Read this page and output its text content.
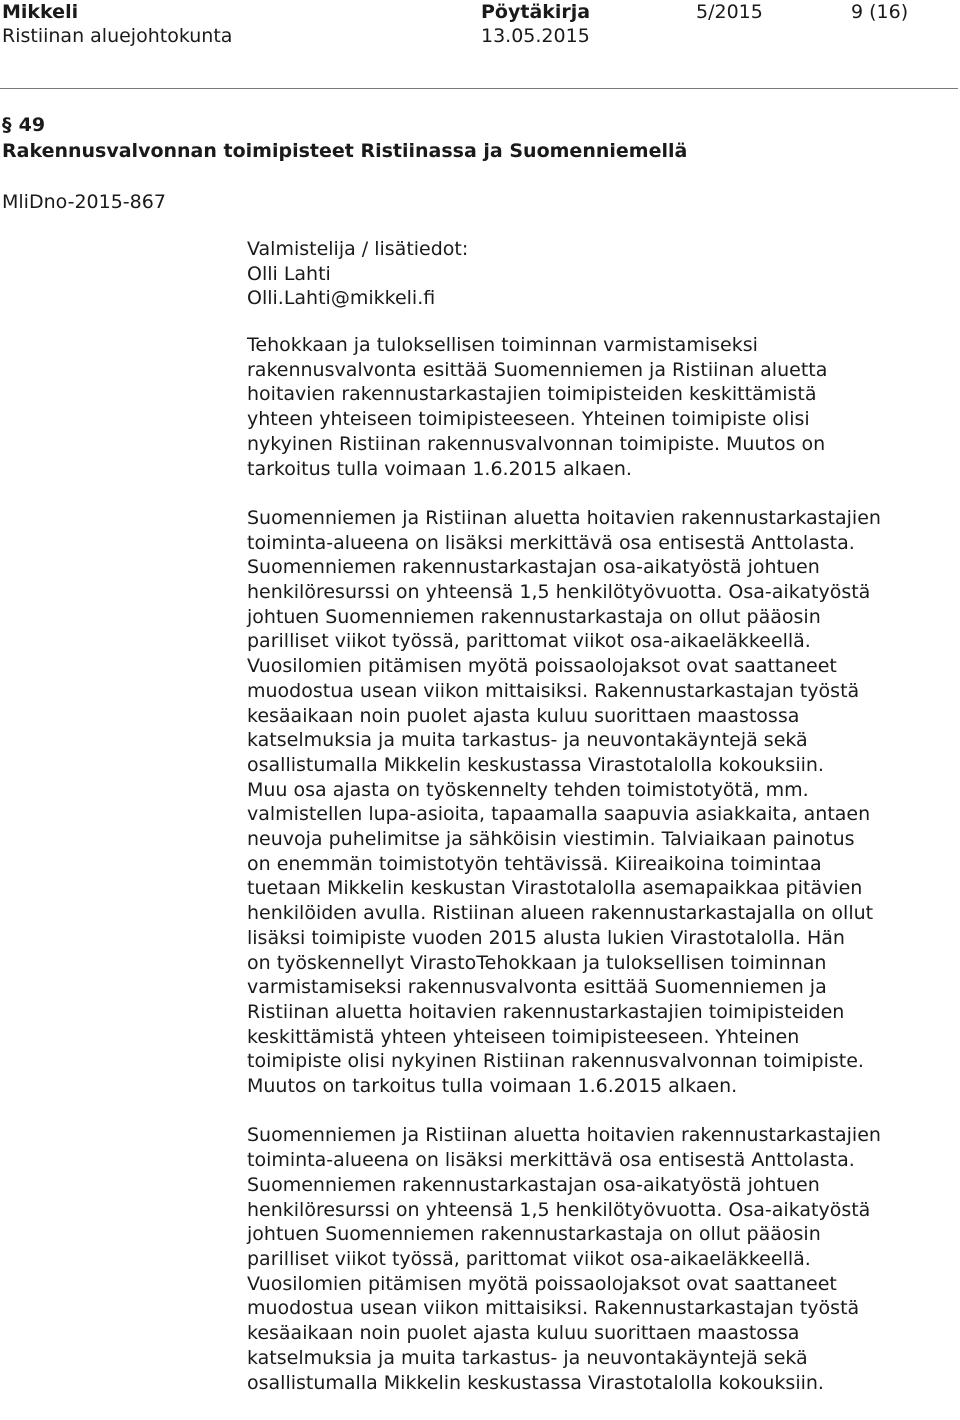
Mikkeli
Ristiinan aluejohtokunta
Pöytäkirja
13.05.2015
5/2015	9 (16)
§ 49
Rakennusvalvonnan toimipisteet Ristiinassa ja Suomenniemellä
MliDno-2015-867
Valmistelija / lisätiedot:
Olli Lahti
Olli.Lahti@mikkeli.fi

Tehokkaan ja tuloksellisen toiminnan varmistamiseksi
rakennusvalvonta esittää Suomenniemen ja Ristiinan aluetta
hoitavien rakennustarkastajien toimipisteiden keskittämistä
yhteen yhteiseen toimipisteeseen. Yhteinen toimipiste olisi
nykyinen Ristiinan rakennusvalvonnan toimipiste. Muutos on
tarkoitus tulla voimaan 1.6.2015 alkaen.

Suomenniemen ja Ristiinan aluetta hoitavien rakennustarkastajien
toiminta-alueena on lisäksi merkittävä osa entisestä Anttolasta.
Suomenniemen rakennustarkastajan osa-aikatyöstä johtuen
henkilöresurssi on yhteensä 1,5 henkilötyövuotta. Osa-aikatyöstä
johtuen Suomenniemen rakennustarkastaja on ollut pääosin
parilliset viikot työssä, parittomat viikot osa-aikaeläkkeellä.
Vuosilomien pitämisen myötä poissaolojaksot ovat saattaneet
muodostua usean viikon mittaisiksi. Rakennustarkastajan työstä
kesäaikaan noin puolet ajasta kuluu suorittaen maastossa
katselmuksia ja muita tarkastus- ja neuvontakäyntejä sekä
osallistumalla Mikkelin keskustassa Virastotalolla kokouksiin.
Muu osa ajasta on työskennelty tehden toimistotyötä, mm.
valmistellen lupa-asioita, tapaamalla saapuvia asiakkaita, antaen
neuvoja puhelimitse ja sähköisin viestimin. Talviaikaan painotus
on enemmän toimistotyön tehtävissä. Kiireaikoina toimintaa
tuetaan Mikkelin keskustan Virastotalolla asemapaikkaa pitävien
henkilöiden avulla. Ristiinan alueen rakennustarkastajalla on ollut
lisäksi toimipiste vuoden 2015 alusta lukien Virastotalolla. Hän
on työskennellyt VirastoTehokkaan ja tuloksellisen toiminnan
varmistamiseksi rakennusvalvonta esittää Suomenniemen ja
Ristiinan aluetta hoitavien rakennustarkastajien toimipisteiden
keskittämistä yhteen yhteiseen toimipisteeseen. Yhteinen
toimipiste olisi nykyinen Ristiinan rakennusvalvonnan toimipiste.
Muutos on tarkoitus tulla voimaan 1.6.2015 alkaen.

Suomenniemen ja Ristiinan aluetta hoitavien rakennustarkastajien
toiminta-alueena on lisäksi merkittävä osa entisestä Anttolasta.
Suomenniemen rakennustarkastajan osa-aikatyöstä johtuen
henkilöresurssi on yhteensä 1,5 henkilötyövuotta. Osa-aikatyöstä
johtuen Suomenniemen rakennustarkastaja on ollut pääosin
parilliset viikot työssä, parittomat viikot osa-aikaeläkkeellä.
Vuosilomien pitämisen myötä poissaolojaksot ovat saattaneet
muodostua usean viikon mittaisiksi. Rakennustarkastajan työstä
kesäaikaan noin puolet ajasta kuluu suorittaen maastossa
katselmuksia ja muita tarkastus- ja neuvontakäyntejä sekä
osallistumalla Mikkelin keskustassa Virastotalolla kokouksiin.
